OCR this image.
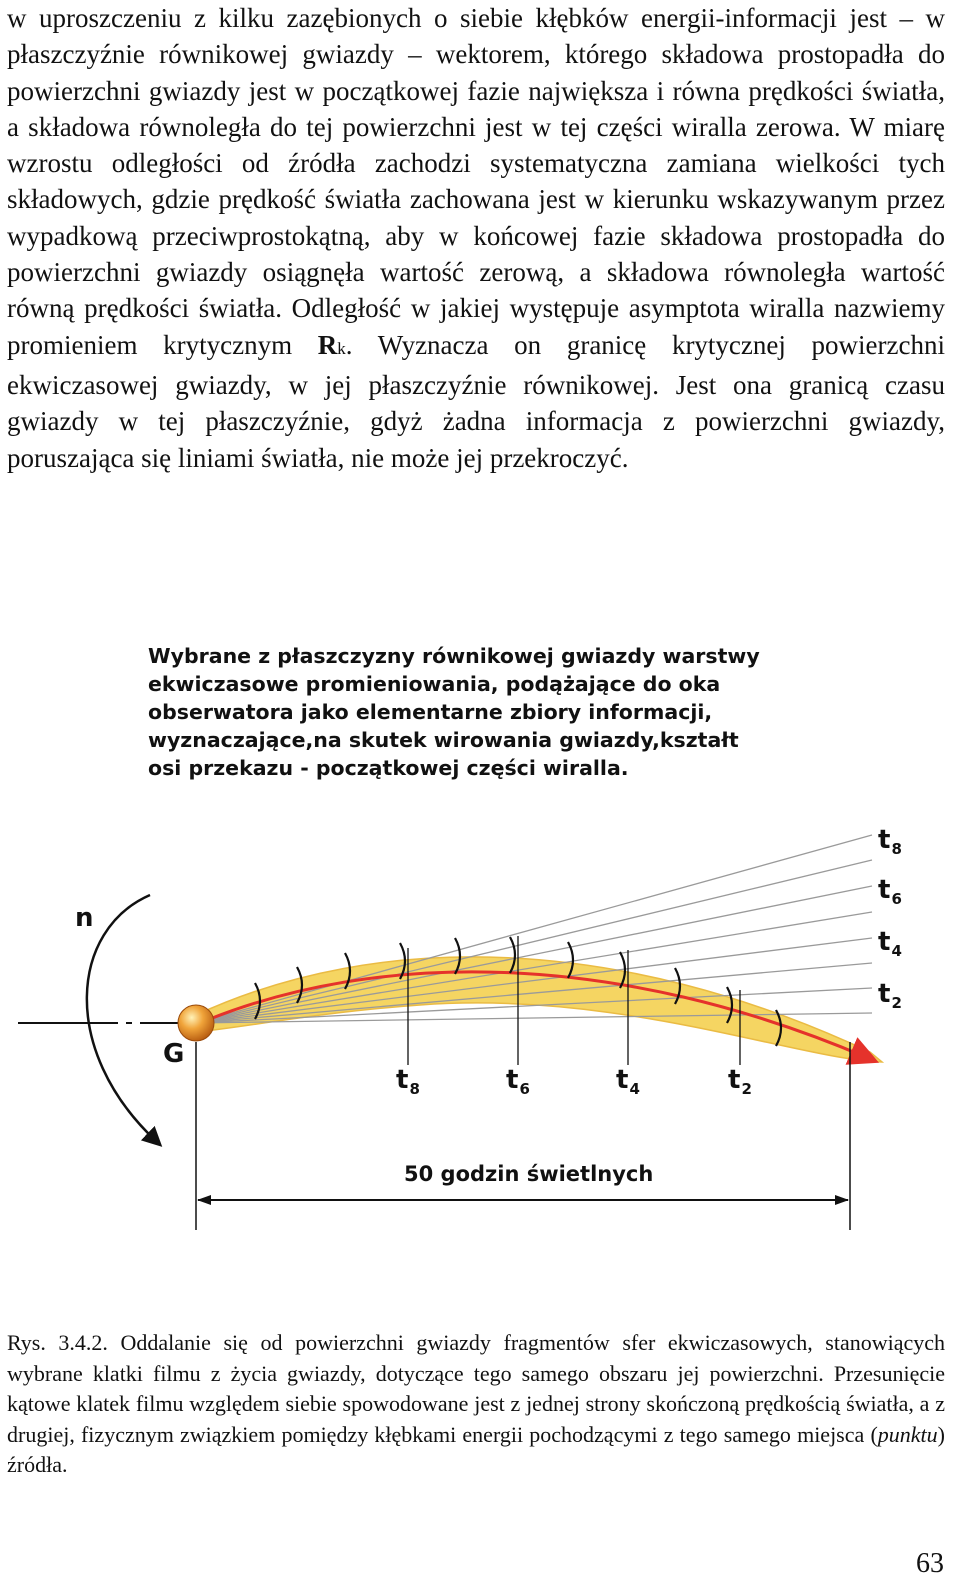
w uproszczeniu z kilku zazębionych o siebie kłębków energii-informacji jest – w płaszczyźnie równikowej gwiazdy – wektorem, którego składowa prostopadła do powierzchni gwiazdy jest w początkowej fazie największa i równa prędkości światła, a składowa równoległa do tej powierzchni jest w tej części wiralla zerowa. W miarę wzrostu odległości od źródła zachodzi systematyczna zamiana wielkości tych składowych, gdzie prędkość światła zachowana jest w kierunku wskazywanym przez wypadkową przeciwprostokątną, aby w końcowej fazie składowa prostopadła do powierzchni gwiazdy osiągnęła wartość zerową, a składowa równoległa wartość równą prędkości światła. Odległość w jakiej występuje asymptota wiralla nazwiemy promieniem krytycznym Rk. Wyznacza on granicę krytycznej powierzchni ekwiczasowej gwiazdy, w jej płaszczyźnie równikowej. Jest ona granicą czasu gwiazdy w tej płaszczyźnie, gdyż żadna informacja z powierzchni gwiazdy, poruszająca się liniami światła, nie może jej przekroczyć.

Wybrane z płaszczyzny równikowej gwiazdy warstwy
ekwiczasowe promieniowania, podążające do oka
obserwatora jako elementarne zbiory informacji,
wyznaczające,na skutek wirowania gwiazdy,kształt
osi przekazu - początkowej części wiralla.
n
G
$t_8$
$t_6$
$t_4$
$t_2$
$t_8$	$t_6$	$t_4$	$t_2$
50 godzin świetlnych

Rys. 3.4.2. Oddalanie się od powierzchni gwiazdy fragmentów sfer ekwiczasowych, stanowiących wybrane klatki filmu z życia gwiazdy, dotyczące tego samego obszaru jej powierzchni. Przesunięcie kątowe klatek filmu względem siebie spowodowane jest z jednej strony skończoną prędkością światła, a z drugiej, fizycznym związkiem pomiędzy kłębkami energii pochodzącymi z tego samego miejsca (punktu) źródła.

63
